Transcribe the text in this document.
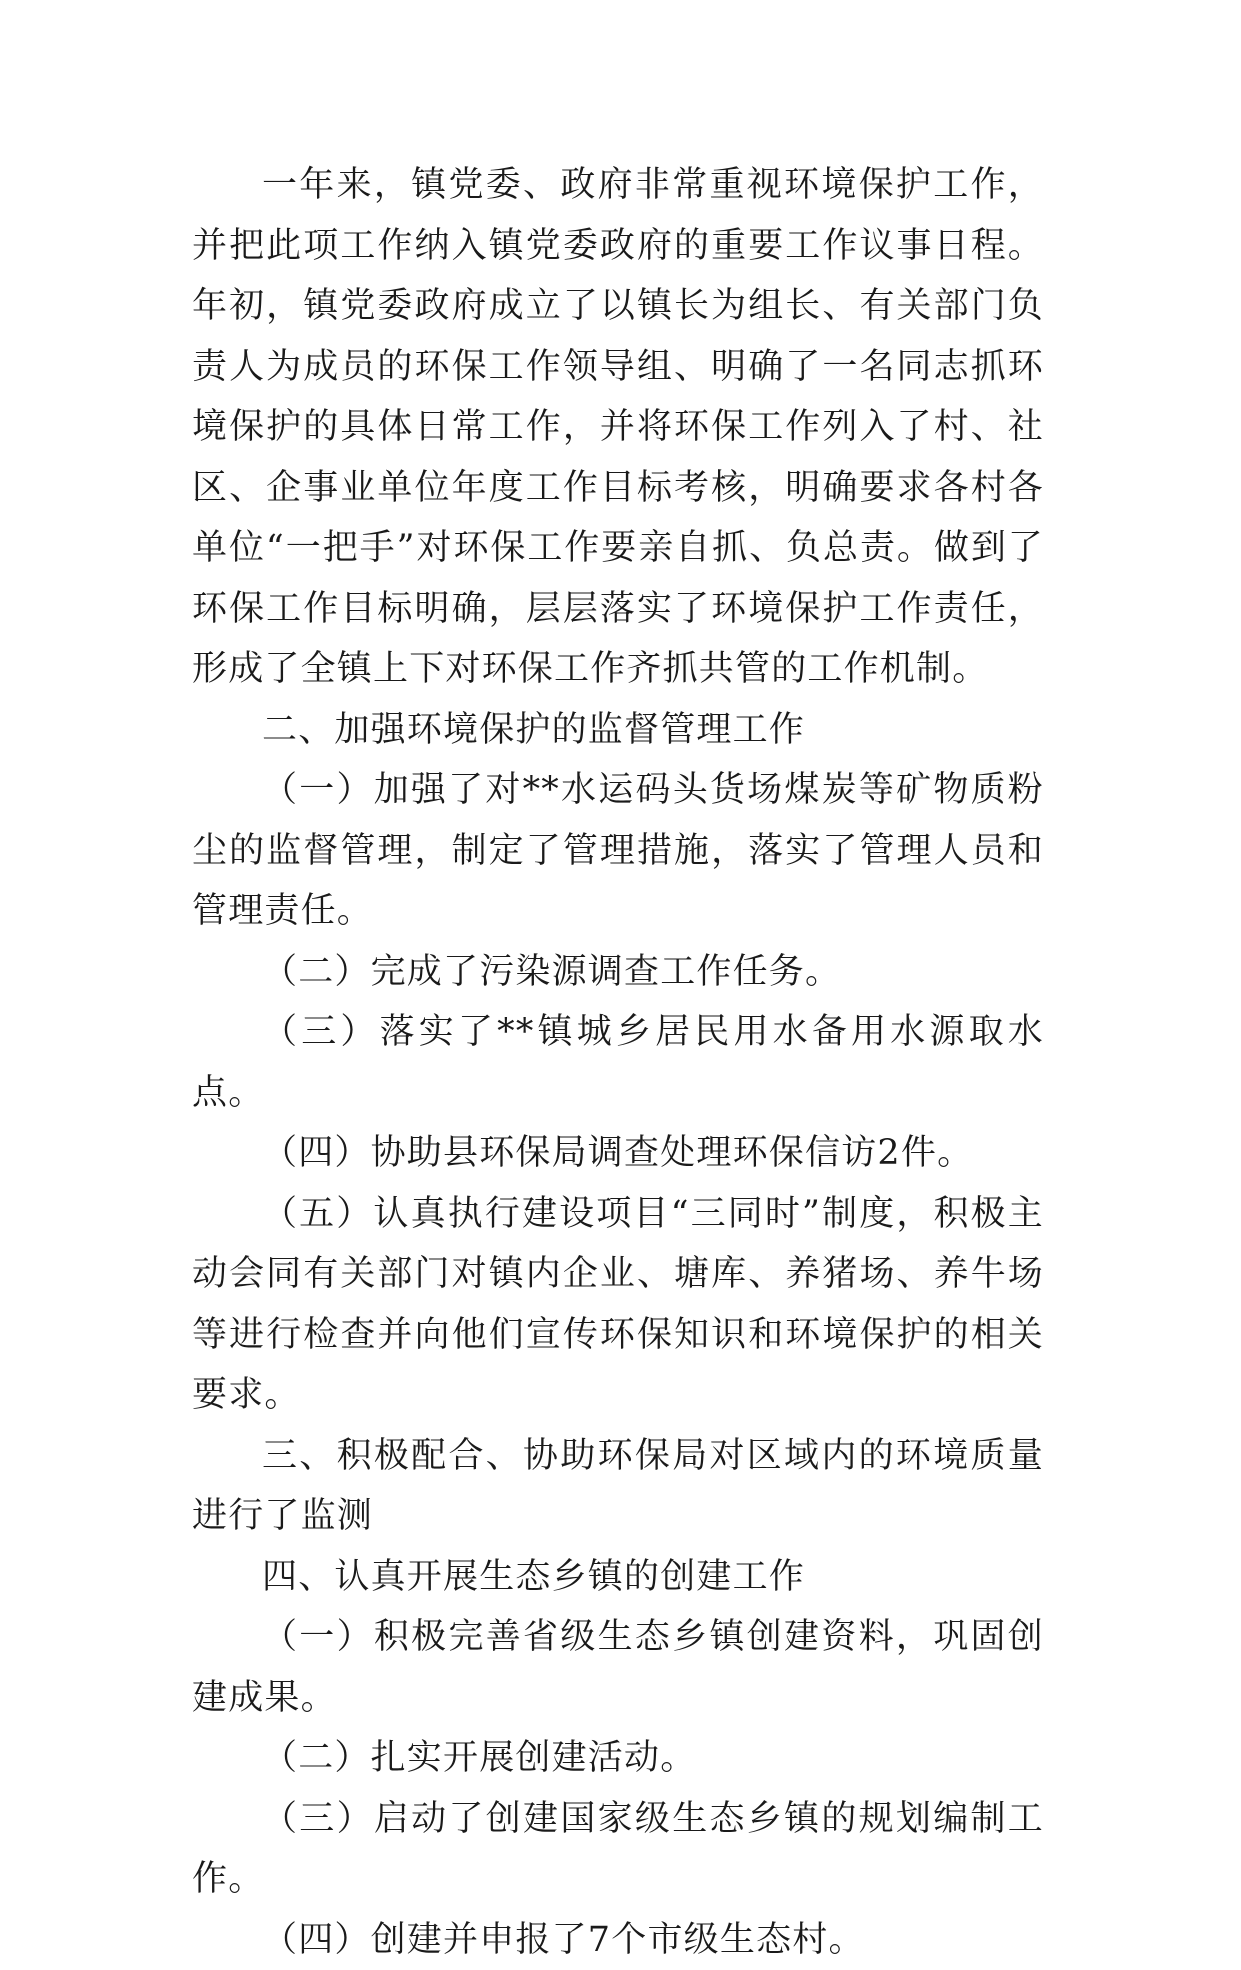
一年来，镇党委、政府非常重视环境保护工作，并把此项工作纳入镇党委政府的重要工作议事日程。年初，镇党委政府成立了以镇长为组长、有关部门负责人为成员的环保工作领导组、明确了一名同志抓环境保护的具体日常工作，并将环保工作列入了村、社区、企事业单位年度工作目标考核，明确要求各村各单位“一把手”对环保工作要亲自抓、负总责。做到了环保工作目标明确，层层落实了环境保护工作责任，形成了全镇上下对环保工作齐抓共管的工作机制。

二、加强环境保护的监督管理工作

（一）加强了对**水运码头货场煤炭等矿物质粉尘的监督管理，制定了管理措施，落实了管理人员和管理责任。

（二）完成了污染源调查工作任务。

（三）落实了**镇城乡居民用水备用水源取水点。

（四）协助县环保局调查处理环保信访2件。

（五）认真执行建设项目“三同时”制度，积极主动会同有关部门对镇内企业、塘库、养猪场、养牛场等进行检查并向他们宣传环保知识和环境保护的相关要求。

三、积极配合、协助环保局对区域内的环境质量进行了监测

四、认真开展生态乡镇的创建工作

（一）积极完善省级生态乡镇创建资料，巩固创建成果。

（二）扎实开展创建活动。

（三）启动了创建国家级生态乡镇的规划编制工作。

（四）创建并申报了7个市级生态村。
